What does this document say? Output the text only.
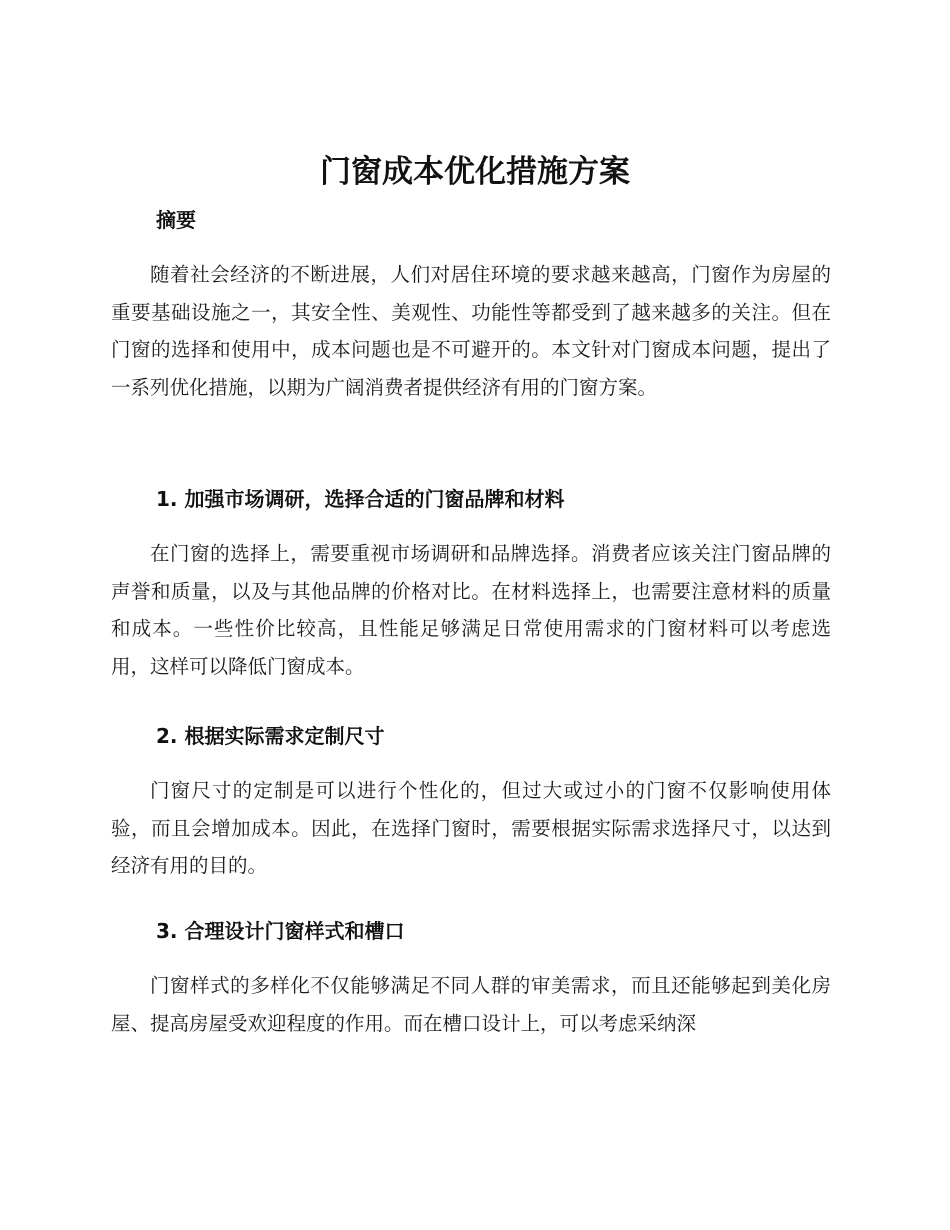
门窗成本优化措施方案
摘要

随着社会经济的不断进展，人们对居住环境的要求越来越高，门窗作为房屋的重要基础设施之一，其安全性、美观性、功能性等都受到了越来越多的关注。但在门窗的选择和使用中，成本问题也是不可避开的。本文针对门窗成本问题，提出了一系列优化措施，以期为广阔消费者提供经济有用的门窗方案。

1. 加强市场调研，选择合适的门窗品牌和材料

在门窗的选择上，需要重视市场调研和品牌选择。消费者应该关注门窗品牌的声誉和质量，以及与其他品牌的价格对比。在材料选择上，也需要注意材料的质量和成本。一些性价比较高，且性能足够满足日常使用需求的门窗材料可以考虑选用，这样可以降低门窗成本。

2. 根据实际需求定制尺寸

门窗尺寸的定制是可以进行个性化的，但过大或过小的门窗不仅影响使用体验，而且会增加成本。因此，在选择门窗时，需要根据实际需求选择尺寸，以达到经济有用的目的。

3. 合理设计门窗样式和槽口

门窗样式的多样化不仅能够满足不同人群的审美需求，而且还能够起到美化房屋、提高房屋受欢迎程度的作用。而在槽口设计上，可以考虑采纳深
